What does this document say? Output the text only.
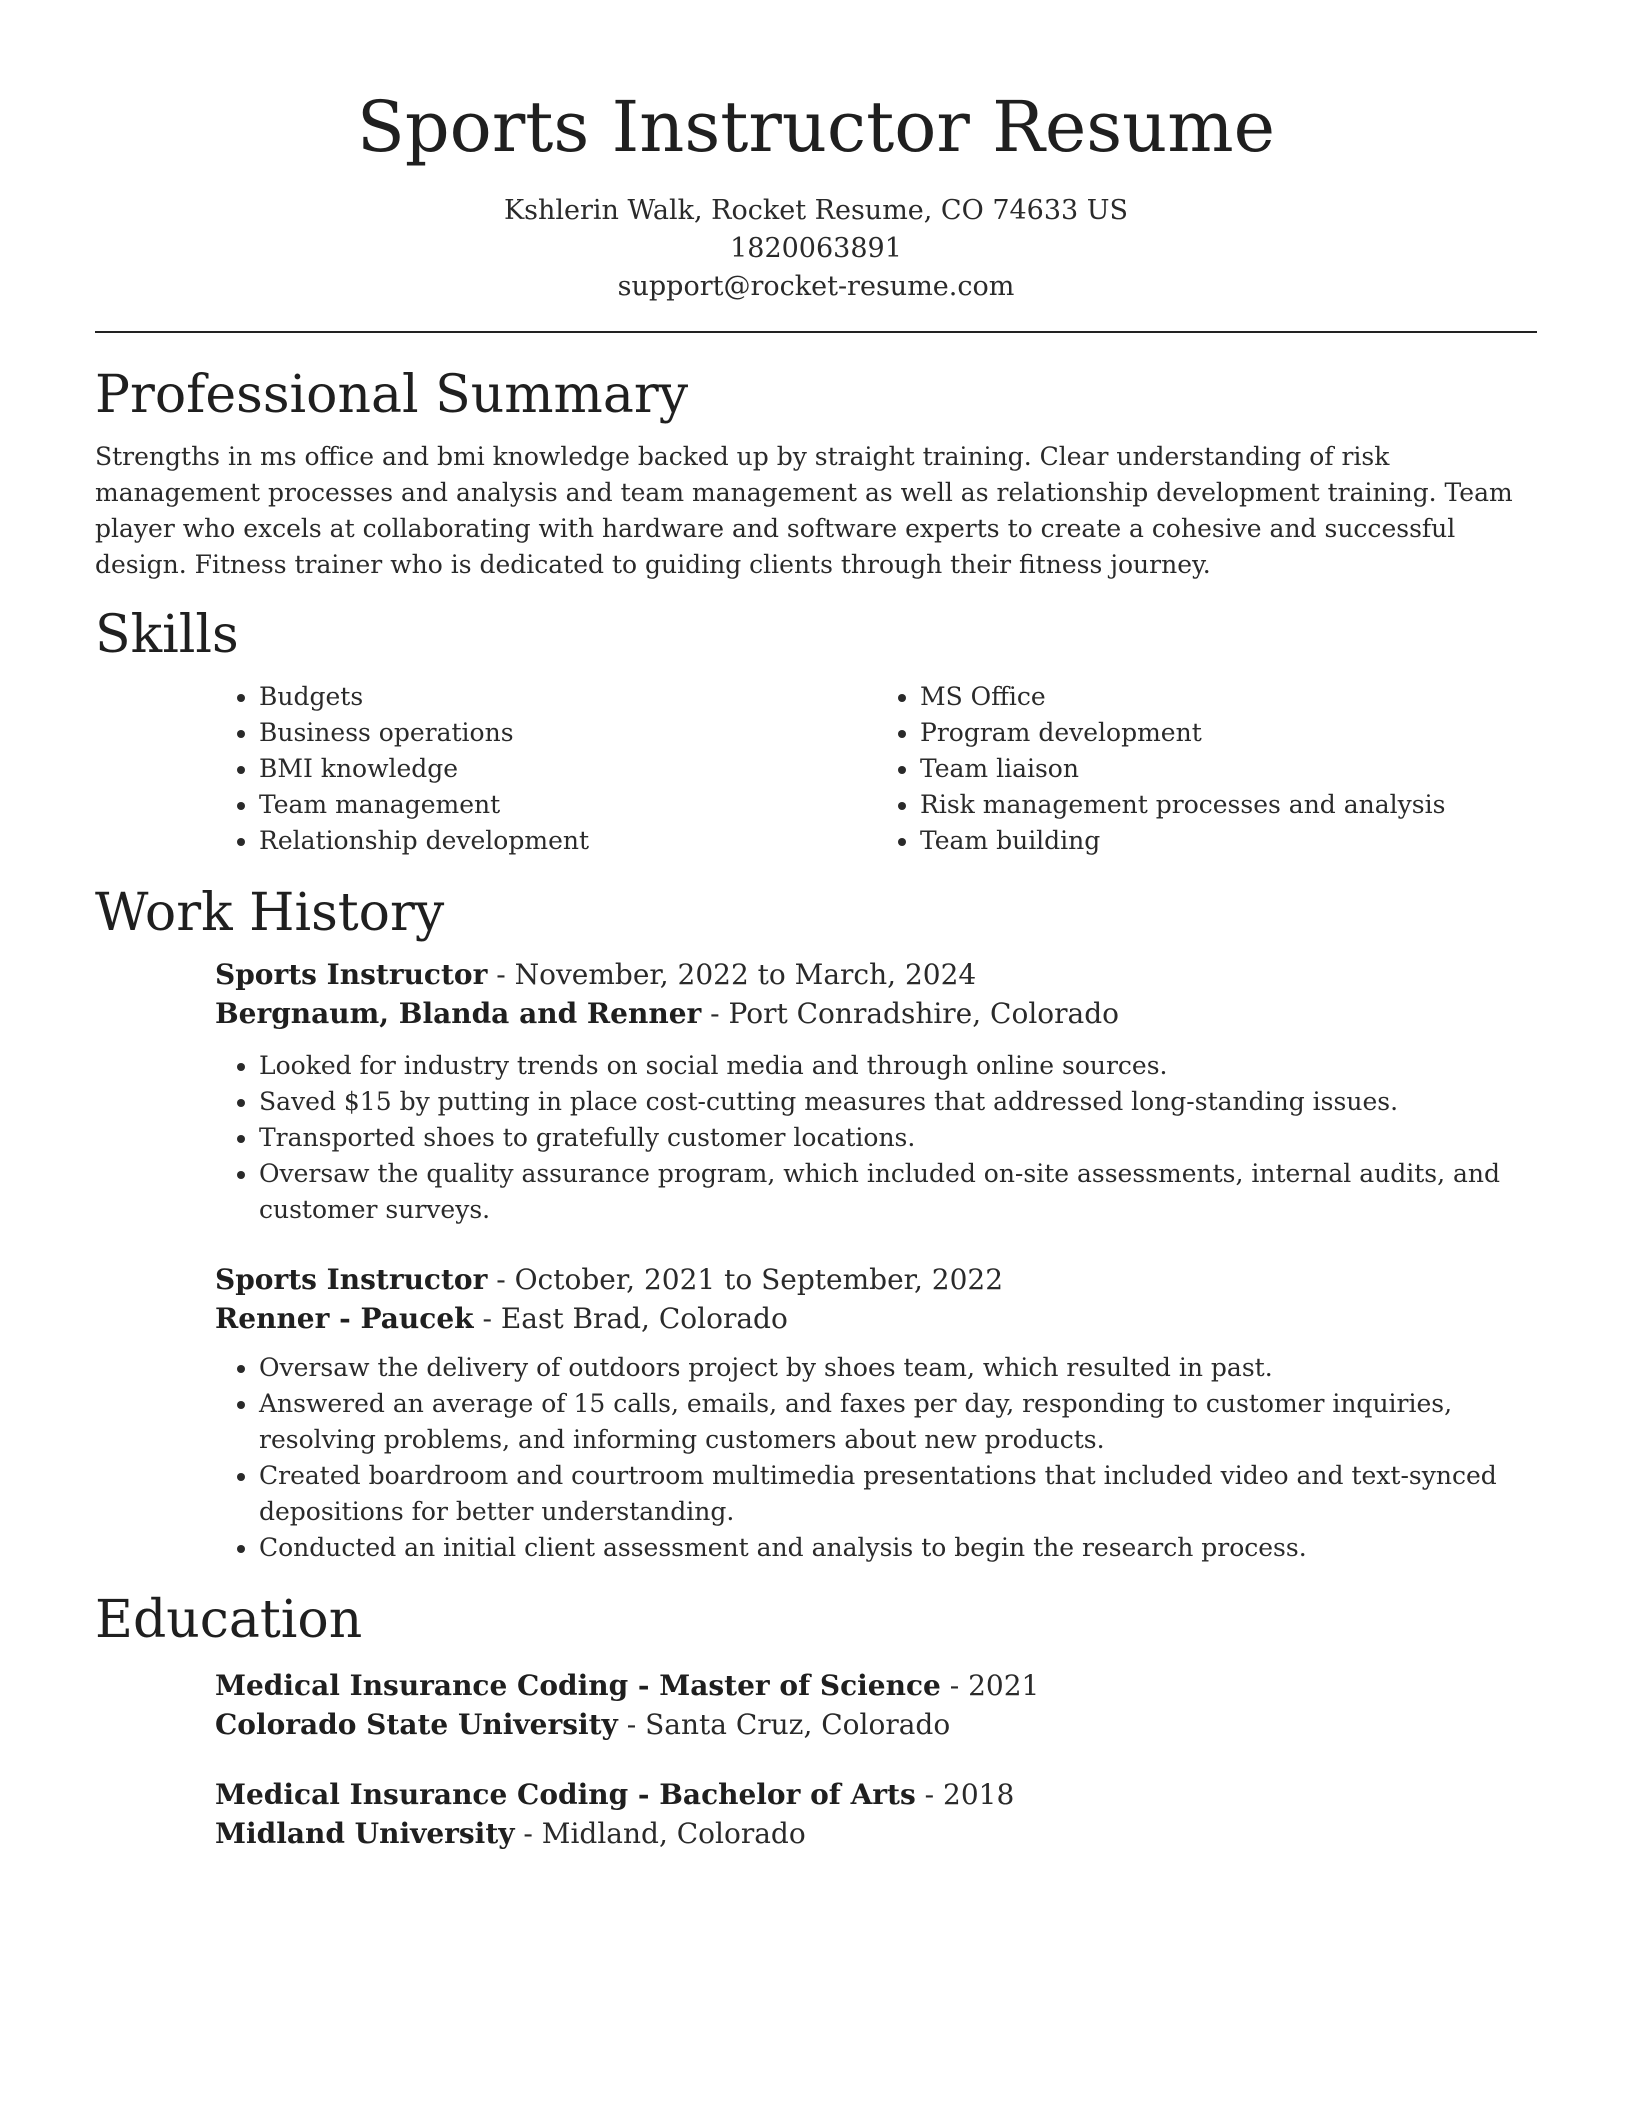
Sports Instructor Resume
Kshlerin Walk, Rocket Resume, CO 74633 US
1820063891
support@rocket-resume.com
Professional Summary

Strengths in ms office and bmi knowledge backed up by straight training. Clear understanding of risk management processes and analysis and team management as well as relationship development training. Team player who excels at collaborating with hardware and software experts to create a cohesive and successful design. Fitness trainer who is dedicated to guiding clients through their fitness journey.

Skills
• Budgets
• Business operations
• BMI knowledge
• Team management
• Relationship development
• MS Office
• Program development
• Team liaison
• Risk management processes and analysis
• Team building
Work History
Sports Instructor - November, 2022 to March, 2024
Bergnaum, Blanda and Renner - Port Conradshire, Colorado
• Looked for industry trends on social media and through online sources.
• Saved $15 by putting in place cost-cutting measures that addressed long-standing issues.
• Transported shoes to gratefully customer locations.
• Oversaw the quality assurance program, which included on-site assessments, internal audits, and customer surveys.
Sports Instructor - October, 2021 to September, 2022
Renner - Paucek - East Brad, Colorado
• Oversaw the delivery of outdoors project by shoes team, which resulted in past.
• Answered an average of 15 calls, emails, and faxes per day, responding to customer inquiries, resolving problems, and informing customers about new products.
• Created boardroom and courtroom multimedia presentations that included video and text-synced depositions for better understanding.
• Conducted an initial client assessment and analysis to begin the research process.
Education
Medical Insurance Coding - Master of Science - 2021
Colorado State University - Santa Cruz, Colorado
Medical Insurance Coding - Bachelor of Arts - 2018
Midland University - Midland, Colorado
